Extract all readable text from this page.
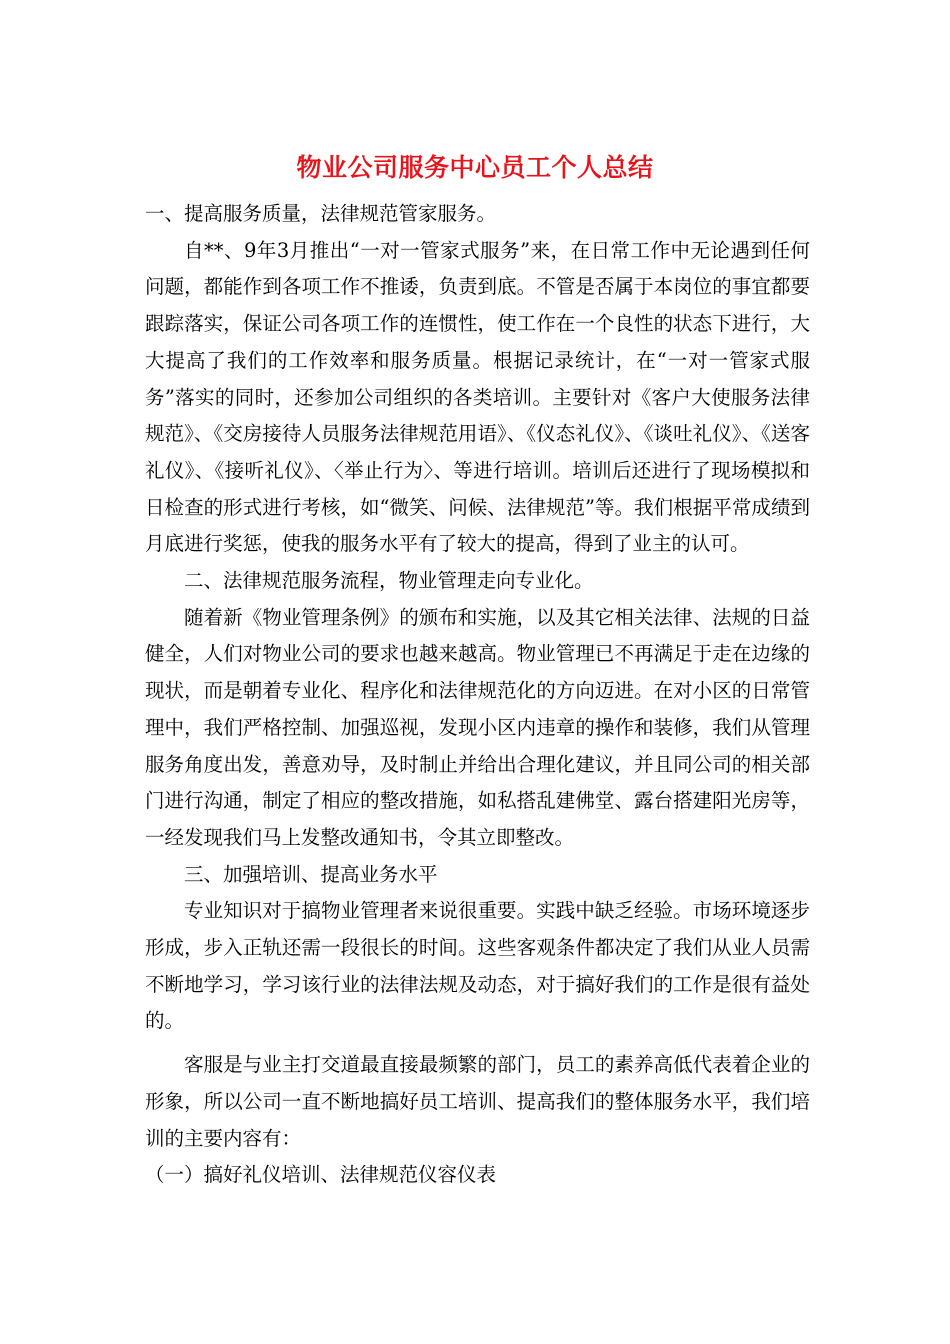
物业公司服务中心员工个人总结

一、提高服务质量，法律规范管家服务。

自**、9年3月推出“一对一管家式服务”来，在日常工作中无论遇到任何问题，都能作到各项工作不推诿，负责到底。不管是否属于本岗位的事宜都要跟踪落实，保证公司各项工作的连惯性，使工作在一个良性的状态下进行，大大提高了我们的工作效率和服务质量。根据记录统计，在“一对一管家式服务”落实的同时，还参加公司组织的各类培训。主要针对《客户大使服务法律规范》、《交房接待人员服务法律规范用语》、《仪态礼仪》、《谈吐礼仪》、《送客礼仪》、《接听礼仪》、〈举止行为〉、等进行培训。培训后还进行了现场模拟和日检查的形式进行考核，如“微笑、问候、法律规范”等。我们根据平常成绩到月底进行奖惩，使我的服务水平有了较大的提高，得到了业主的认可。

二、法律规范服务流程，物业管理走向专业化。

随着新《物业管理条例》的颁布和实施，以及其它相关法律、法规的日益健全，人们对物业公司的要求也越来越高。物业管理已不再满足于走在边缘的现状，而是朝着专业化、程序化和法律规范化的方向迈进。在对小区的日常管理中，我们严格控制、加强巡视，发现小区内违章的操作和装修，我们从管理服务角度出发，善意劝导，及时制止并给出合理化建议，并且同公司的相关部门进行沟通，制定了相应的整改措施，如私搭乱建佛堂、露台搭建阳光房等，一经发现我们马上发整改通知书，令其立即整改。

三、加强培训、提高业务水平

专业知识对于搞物业管理者来说很重要。实践中缺乏经验。市场环境逐步形成，步入正轨还需一段很长的时间。这些客观条件都决定了我们从业人员需不断地学习，学习该行业的法律法规及动态，对于搞好我们的工作是很有益处的。

客服是与业主打交道最直接最频繁的部门，员工的素养高低代表着企业的形象，所以公司一直不断地搞好员工培训、提高我们的整体服务水平，我们培训的主要内容有：

（一）搞好礼仪培训、法律规范仪容仪表
